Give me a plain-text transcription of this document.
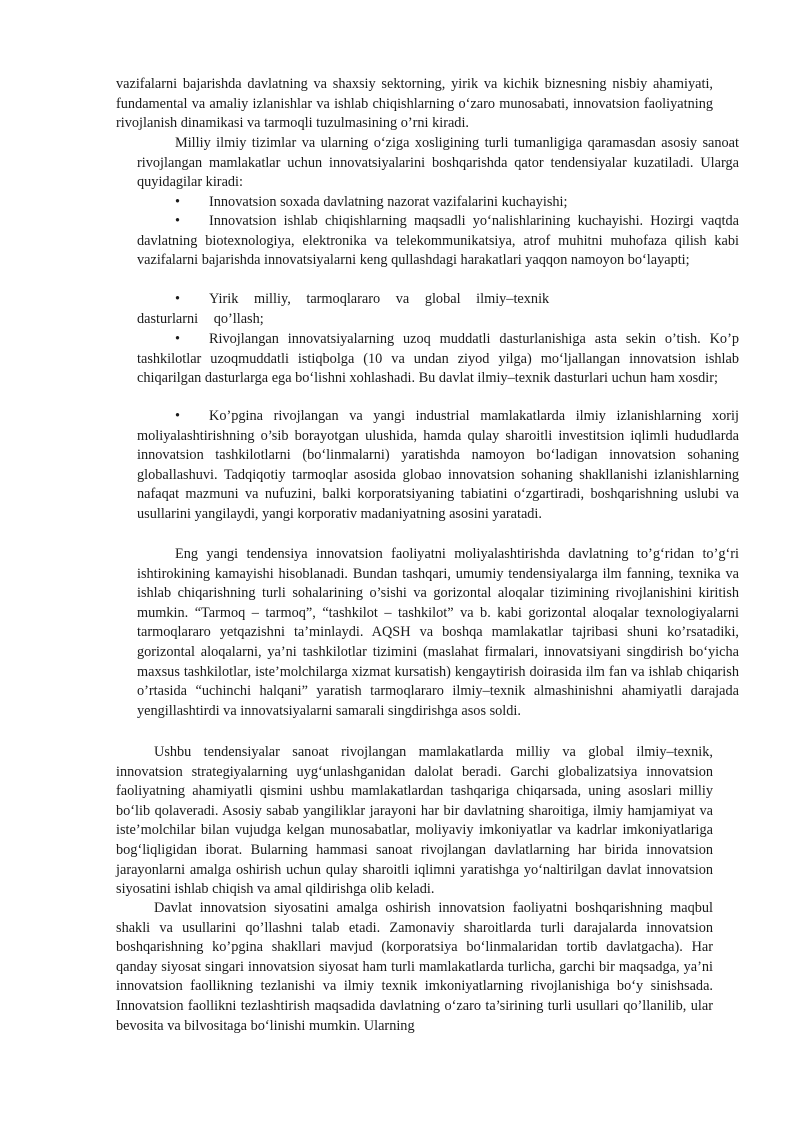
vazifalarni bajarishda davlatning va shaxsiy sektorning, yirik va kichik biznesning nisbiy ahamiyati, fundamental va amaliy izlanishlar va ishlab chiqishlarning o‘zaro munosabati, innovatsion faoliyatning rivojlanish dinamikasi va tarmoqli tuzulmasining o’rni kiradi.

Milliy ilmiy tizimlar va ularning o‘ziga xosligining turli tumanligiga qaramasdan asosiy sanoat rivojlangan mamlakatlar uchun innovatsiyalarini boshqarishda qator tendensiyalar kuzatiladi. Ularga quyidagilar kiradi:

• Innovatsion soxada davlatning nazorat vazifalarini kuchayishi;

• Innovatsion ishlab chiqishlarning maqsadli yo‘nalishlarining kuchayishi. Hozirgi vaqtda davlatning biotexnologiya, elektronika va telekommunikatsiya, atrof muhitni muhofaza qilish kabi vazifalarni bajarishda innovatsiyalarni keng qullashdagi harakatlari yaqqon namoyon bo‘layapti;

• Yirik milliy, tarmoqlararo va global ilmiy–texnik dasturlarni qo’llash;

• Rivojlangan innovatsiyalarning uzoq muddatli dasturlanishiga asta sekin o’tish. Ko’p tashkilotlar uzoqmuddatli istiqbolga (10 va undan ziyod yilga) mo‘ljallangan innovatsion ishlab chiqarilgan dasturlarga ega bo‘lishni xohlashadi. Bu davlat ilmiy–texnik dasturlari uchun ham xosdir;

• Ko’pgina rivojlangan va yangi industrial mamlakatlarda ilmiy izlanishlarning xorij moliyalashtirishning o’sib borayotgan ulushida, hamda qulay sharoitli investitsion iqlimli hududlarda innovatsion tashkilotlarni (bo‘linmalarni) yaratishda namoyon bo‘ladigan innovatsion sohaning globallashuvi. Tadqiqotiy tarmoqlar asosida globao innovatsion sohaning shakllanishi izlanishlarning nafaqat mazmuni va nufuzini, balki korporatsiyaning tabiatini o‘zgartiradi, boshqarishning uslubi va usullarini yangilaydi, yangi korporativ madaniyatning asosini yaratadi.

Eng yangi tendensiya innovatsion faoliyatni moliyalashtirishda davlatning to’g‘ridan to’g‘ri ishtirokining kamayishi hisoblanadi. Bundan tashqari, umumiy tendensiyalarga ilm fanning, texnika va ishlab chiqarishning turli sohalarining o’sishi va gorizontal aloqalar tizimining rivojlanishini kiritish mumkin. “Tarmoq – tarmoq”, “tashkilot – tashkilot” va b. kabi gorizontal aloqalar texnologiyalarni tarmoqlararo yetqazishni ta’minlaydi. AQSH va boshqa mamlakatlar tajribasi shuni ko’rsatadiki, gorizontal aloqalarni, ya’ni tashkilotlar tizimini (maslahat firmalari, innovatsiyani singdirish bo‘yicha maxsus tashkilotlar, iste’molchilarga xizmat kursatish) kengaytirish doirasida ilm fan va ishlab chiqarish o’rtasida “uchinchi halqani” yaratish tarmoqlararo ilmiy–texnik almashinishni ahamiyatli darajada yengillashtirdi va innovatsiyalarni samarali singdirishga asos soldi.

Ushbu tendensiyalar sanoat rivojlangan mamlakatlarda milliy va global ilmiy–texnik, innovatsion strategiyalarning uyg‘unlashganidan dalolat beradi. Garchi globalizatsiya innovatsion faoliyatning ahamiyatli qismini ushbu mamlakatlardan tashqariga chiqarsada, uning asoslari milliy bo‘lib qolaveradi. Asosiy sabab yangiliklar jarayoni har bir davlatning sharoitiga, ilmiy hamjamiyat va iste’molchilar bilan vujudga kelgan munosabatlar, moliyaviy imkoniyatlar va kadrlar imkoniyatlariga bog‘liqligidan iborat. Bularning hammasi sanoat rivojlangan davlatlarning har birida innovatsion jarayonlarni amalga oshirish uchun qulay sharoitli iqlimni yaratishga yo‘naltirilgan davlat innovatsion siyosatini ishlab chiqish va amal qildirishga olib keladi.

Davlat innovatsion siyosatini amalga oshirish innovatsion faoliyatni boshqarishning maqbul shakli va usullarini qo’llashni talab etadi. Zamonaviy sharoitlarda turli darajalarda innovatsion boshqarishning ko’pgina shakllari mavjud (korporatsiya bo‘linmalaridan tortib davlatgacha). Har qanday siyosat singari innovatsion siyosat ham turli mamlakatlarda turlicha, garchi bir maqsadga, ya’ni innovatsion faollikning tezlanishi va ilmiy texnik imkoniyatlarning rivojlanishiga bo‘y sinishsada. Innovatsion faollikni tezlashtirish maqsadida davlatning o‘zaro ta’sirining turli usullari qo’llanilib, ular bevosita va bilvositaga bo‘linishi mumkin. Ularning
